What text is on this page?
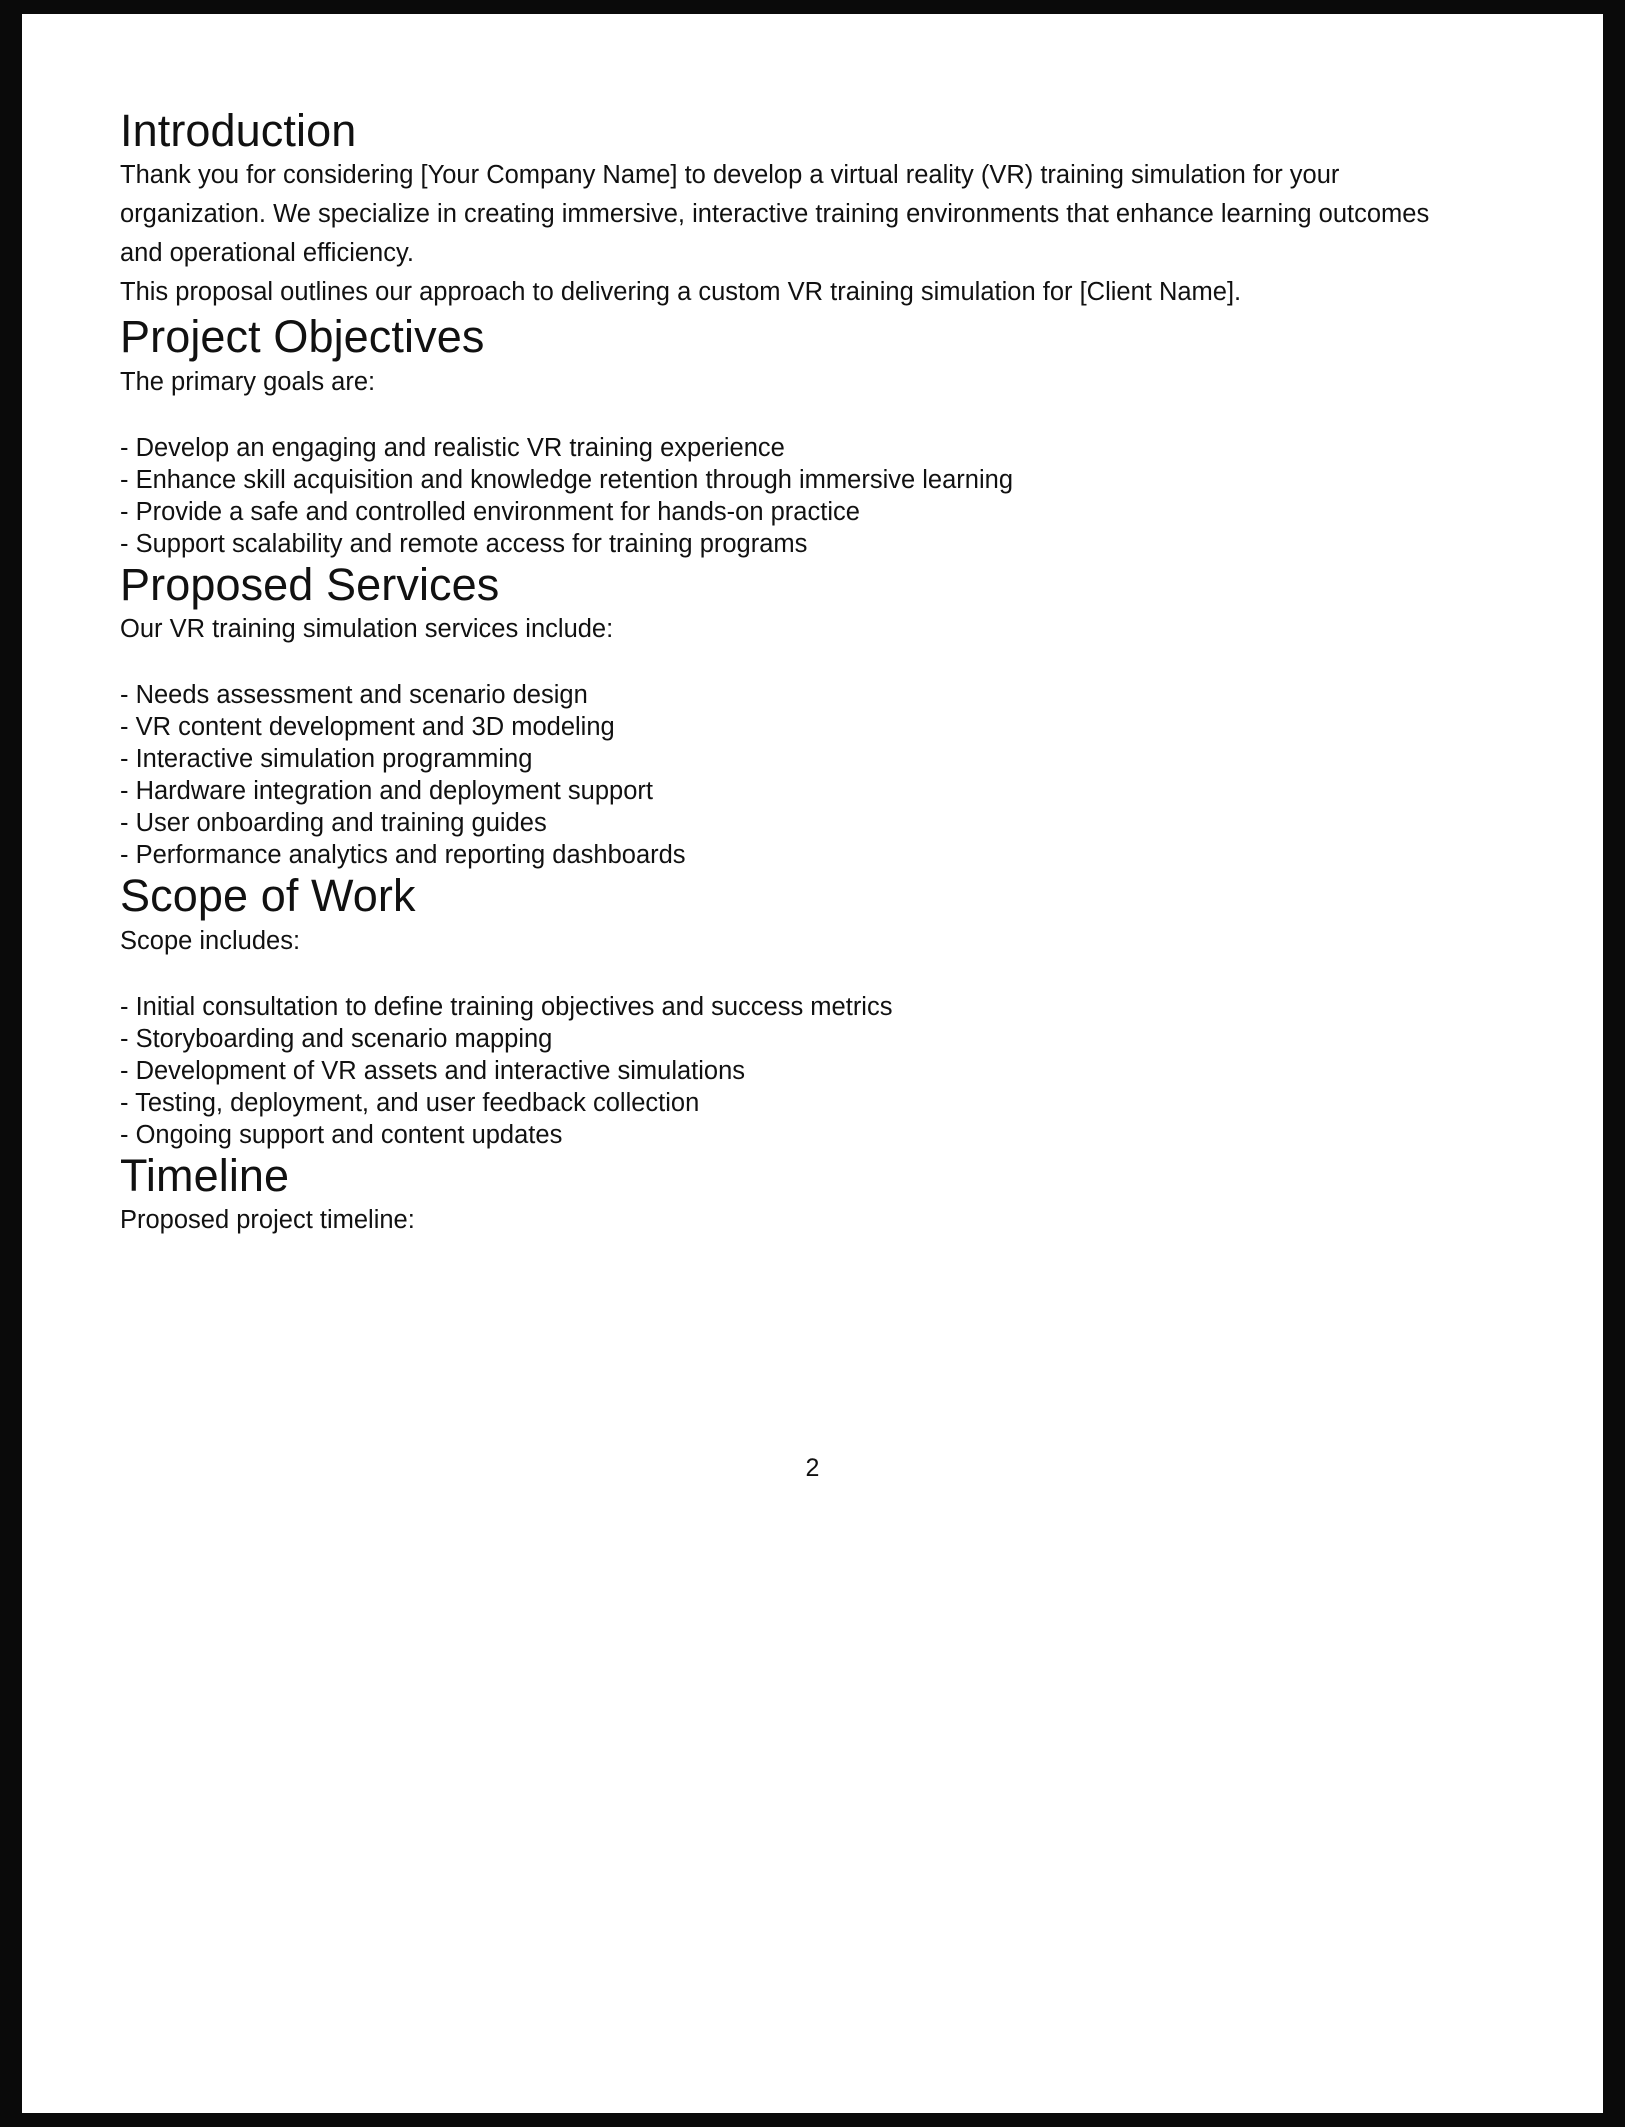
Introduction

Thank you for considering [Your Company Name] to develop a virtual reality (VR) training simulation for your organization. We specialize in creating immersive, interactive training environments that enhance learning outcomes and operational efficiency.

This proposal outlines our approach to delivering a custom VR training simulation for [Client Name].

Project Objectives

The primary goals are:

- Develop an engaging and realistic VR training experience
- Enhance skill acquisition and knowledge retention through immersive learning
- Provide a safe and controlled environment for hands-on practice
- Support scalability and remote access for training programs
Proposed Services

Our VR training simulation services include:

- Needs assessment and scenario design
- VR content development and 3D modeling
- Interactive simulation programming
- Hardware integration and deployment support
- User onboarding and training guides
- Performance analytics and reporting dashboards
Scope of Work

Scope includes:

- Initial consultation to define training objectives and success metrics
- Storyboarding and scenario mapping
- Development of VR assets and interactive simulations
- Testing, deployment, and user feedback collection
- Ongoing support and content updates
Timeline

Proposed project timeline:

2
